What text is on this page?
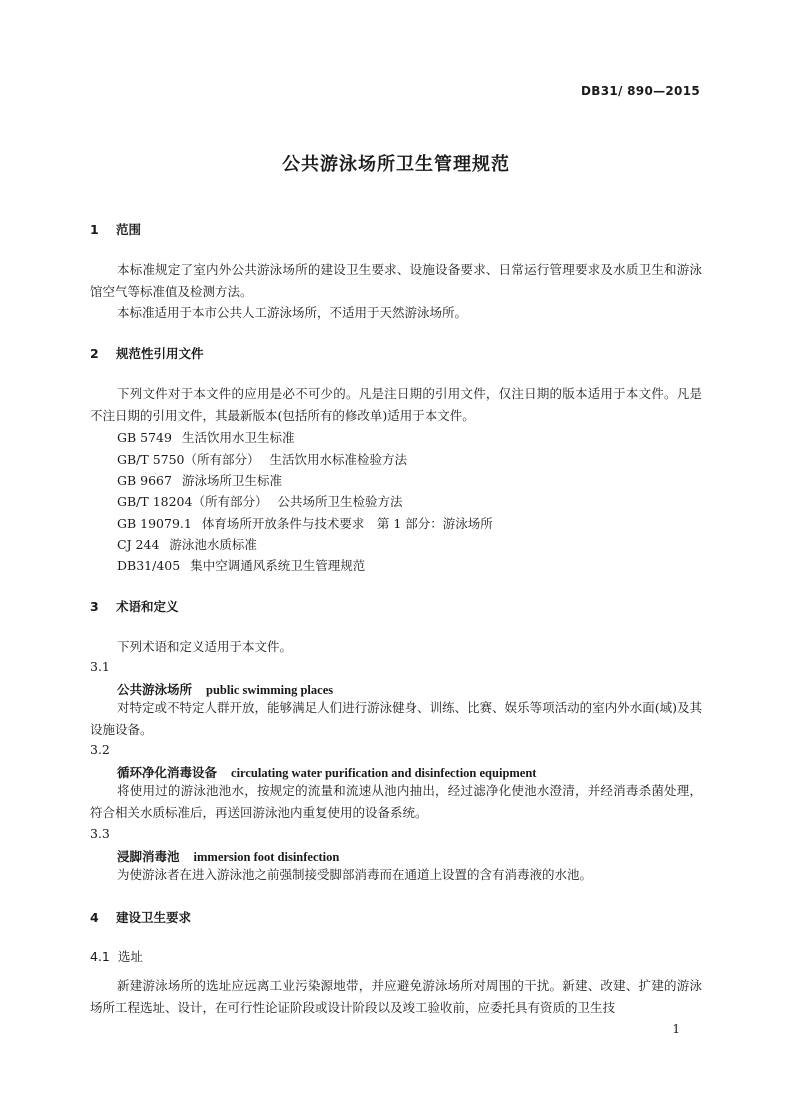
DB31/ 890—2015
公共游泳场所卫生管理规范
1 范围
本标准规定了室内外公共游泳场所的建设卫生要求、设施设备要求、日常运行管理要求及水质卫生和游泳馆空气等标准值及检测方法。
本标准适用于本市公共人工游泳场所，不适用于天然游泳场所。
2 规范性引用文件
下列文件对于本文件的应用是必不可少的。凡是注日期的引用文件，仅注日期的版本适用于本文件。凡是不注日期的引用文件，其最新版本(包括所有的修改单)适用于本文件。
GB 5749 生活饮用水卫生标准
GB/T 5750（所有部分） 生活饮用水标准检验方法
GB 9667 游泳场所卫生标准
GB/T 18204（所有部分） 公共场所卫生检验方法
GB 19079.1 体育场所开放条件与技术要求　第 1 部分：游泳场所
CJ 244 游泳池水质标准
DB31/405 集中空调通风系统卫生管理规范
3 术语和定义
下列术语和定义适用于本文件。
3.1
公共游泳场所 public swimming places
对特定或不特定人群开放，能够满足人们进行游泳健身、训练、比赛、娱乐等项活动的室内外水面(域)及其设施设备。
3.2
循环净化消毒设备 circulating water purification and disinfection equipment
将使用过的游泳池池水，按规定的流量和流速从池内抽出，经过滤净化使池水澄清，并经消毒杀菌处理，符合相关水质标准后，再送回游泳池内重复使用的设备系统。
3.3
浸脚消毒池 immersion foot disinfection
为使游泳者在进入游泳池之前强制接受脚部消毒而在通道上设置的含有消毒液的水池。
4 建设卫生要求
4.1 选址
新建游泳场所的选址应远离工业污染源地带，并应避免游泳场所对周围的干扰。新建、改建、扩建的游泳场所工程选址、设计，在可行性论证阶段或设计阶段以及竣工验收前，应委托具有资质的卫生技
1
